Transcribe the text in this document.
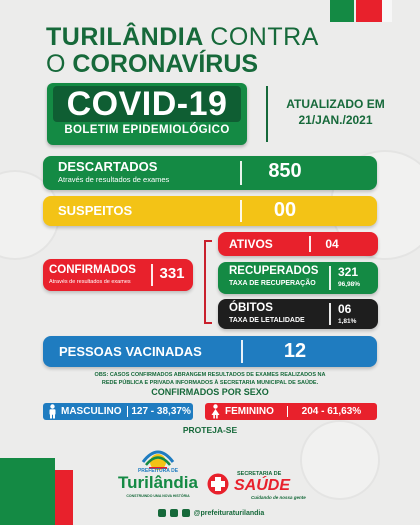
TURILÂNDIA CONTRA
O CORONAVÍRUS
COVID-19
BOLETIM EPIDEMIOLÓGICO
ATUALIZADO EM
21/JAN./2021
DESCARTADOS
Através de resultados de exames	850
SUSPEITOS	00
CONFIRMADOS
Através de resultados de exames 331
ATIVOS	04
RECUPERADOS
TAXA DE RECUPERAÇÃO
321
96,98%
ÓBITOS
TAXA DE LETALIDADE
06
1,81%
PESSOAS VACINADAS	12
OBS: CASOS CONFIRMADOS ABRANGEM RESULTADOS DE EXAMES REALIZADOS NA
REDE PÚBLICA E PRIVADA INFORMADOS À SECRETARIA MUNICIPAL DE SAÚDE.
CONFIRMADOS POR SEXO
MASCULINO 127 - 38,37%	FEMININO	204 - 61,63%
PROTEJA-SE
PREFEITURA DE
Turilândia
CONSTRUINDO UMA NOVA HISTÓRIA
SECRETARIA DE
SAÚDE
Cuidando de nossa gente
@prefeituraturilandia
